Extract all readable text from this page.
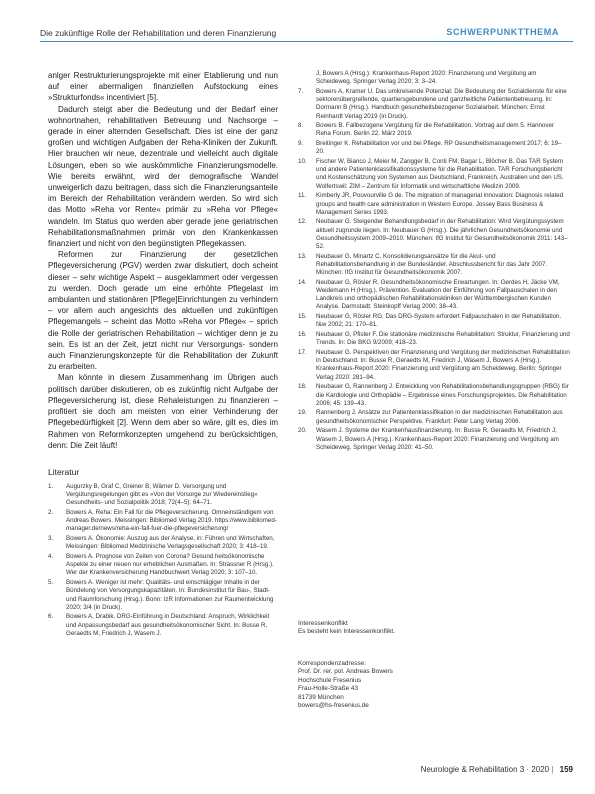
Die zukünftige Rolle der Rehabilitation und deren Finanzierung	SCHWERPUNKTTHEMA

anlger Restrukturierungsprojekte mit einer Etablierung und nun auf einer abermaligen finanziellen Aufstockung eines »Strukturfonds« incentiviert [5].

Dadurch steigt aber die Bedeutung und der Bedarf einer wohnortnahen, rehabilitativen Betreuung und Nachsorge – gerade in einer alternden Gesellschaft. Dies ist eine der ganz großen und wichtigen Aufgaben der Reha-Kliniken der Zukunft. Hier brauchen wir neue, dezentrale und vielleicht auch digitale Lösungen, eben so wie auskömmliche Finanzierungsmodelle. Wie bereits erwähnt, wird der demografische Wandel unweigerlich dazu beitragen, dass sich die Finanzierungsanteile im Bereich der Rehabilitation verändern werden. So wird sich das Motto »Reha vor Rente« primär zu »Reha vor Pflege« wandeln. Im Status quo werden aber gerade jene geriatrischen Rehabilitationsmaßnahmen primär von den Krankenkassen finanziert und nicht von den begünstigten Pflegekassen.

Reformen zur Finanzierung der gesetzlichen Pflegeversicherung (PGV) werden zwar diskutiert, doch scheint dieser – sehr wichtige Aspekt – ausgeklammert oder vergessen zu werden. Doch gerade um eine erhöhte Pflegelast im ambulanten und stationären [Pflege]Einrichtungen zu verhindern – vor allem auch angesichts des aktuellen und zukünftigen Pflegemangels – scheint das Motto »Reha vor Pflege« – sprich die Rolle der geriatrischen Rehabilitation – wichtiger denn je zu sein. Es ist an der Zeit, jetzt nicht nur Versorgungs- sondern auch Finanzierungskonzepte für die Rehabilitation der Zukunft zu erarbeiten.

Man könnte in diesem Zusammenhang im Übrigen auch politisch darüber diskutieren, ob es zukünftig nicht Aufgabe der Pflegeversicherung ist, diese Rehaleistungen zu finanzieren – profitiert sie doch am meisten von einer Verhinderung der Pflegebedürftigkeit [2]. Wenn dem aber so wäre, gilt es, dies im Rahmen von Reformkonzepten umgehend zu berücksichtigen, denn: Die Zeit läuft!

Literatur
1. Augurzky B, Graf C, Greiner B, Wärner D. Versorgung und Vergütungsregelungen gibt es »Von der Vorsorge zur Wiedereinstieg« Gesundheits- und Sozialpolitik 2018; 72(4–5): 64–71.
2. Bowers A. Reha: Ein Fall für die Pflegeversicherung. Omneinständigem von Andreas Bowers. Meissingen: Bibliomed Verlag 2019. https://www.bibliomed-manager.de/news/reha-ein-fall-fuer-die-pflegeversicherung/
3. Bowers A. Ökonomie: Auszug aus der Analyse, in: Führen und Wirtschaften, Meissingen: Bibliomed Medizinische Verlagsgesellschaft 2020; 3: 418–19.
4. Bowers A. Prognose von Zeiten von Corona? Gesund heitsökonomische Aspekte zu einer neuen nur erheblichen Ausmaßen. In: Strassner R (Hrsg.). Wer der Krankenversicherung Handbuchwert Verlag 2020; 3: 107–10.
5. Bowers A. Weniger ist mehr: Qualitäts- und einschlägiger Inhalte in der Bündelung von Versorgungskapazitäten. In: Bundesinstitut für Bau-, Stadt- und Raumforschung (Hrsg.). Bonn: IzR Informationen zur Raumentwicklung 2020; 3/4 (in Druck).
6. Bowers A, Drabik. DRG-Einführung in Deutschland: Anspruch, Wirklichkeit und Anpassungsbedarf aus gesundheitsökonomischer Sicht. In: Busse R, Geraedts M, Friedrich J, Wasem J.
J, Bowers A (Hrsg.): Krankenhaus-Report 2020: Finanzierung und Vergütung am Scheideweg. Springer Verlag 2020; 3: 3–24.
7. Bowers A, Kramer U. Das umkreisende Potenzial: Die Bedeutung der Sozialdienste für eine sektorenübergreifende, quartiersgebundene und ganzheitliche Patientenbetreuung. In: Dormann B (Hrsg.). Handbuch gesundheitsbezogener Sozialarbeit. München: Ernst Reinhardt Verlag 2019 (in Druck).
8. Bowers B. Fallbezogene Vergütung für die Rehabilitation. Vortrag auf dem 5. Hannover Reha Forum. Berlin 22. März 2019.
9. Breitinger K. Rehabilitation vor und bei Pflege. RP Gesundheitsmanagement 2017; 6: 19–20.
10. Fischer W, Bianco J, Meier M, Zangger B, Conti FM, Bagar L, Blöcher B. Das TAR System und andere Patientenklassifikationssysteme für die Rehabilitation. TAR Forschungsbericht und Kostenschätzung von Systemen aus Deutschland, Frankreich, Australien und den US. Wolfertswil: ZIM – Zentrum für Informatik und wirtschaftliche Medizin 2009.
11. Kimberly JR, Pouvourville G de. The migration of managerial innovation: Diagnosis related groups and health care administration in Western Europe. Jossey Bass Business & Management Series 1993.
12. Neubauer G. Steigender Behandlungsbedarf in der Rehabilitation: Wird Vergütungssystem aktuell zugrunde liegen. In: Neubauer G (Hrsg.). Die jährlichen Gesundheitsökonomie und Gesundheitssystem 2009–2010. München: IfG Institut für Gesundheitsökonomik 2011: 143–52.
13. Neubauer G, Minartz C. Konsolidierungsansätze für die Akut- und Rehabilitationsbehandlung in der Bundesländer. Abschlussbericht für das Jahr 2007. München: IfG Institut für Gesundheitsökonomik 2007.
14. Neubauer G, Rösler R. Gesundheitsökonomische Erwartungen. In: Gerdes H, Jäcke VM, Weidemann H (Hrsg.). Prävention. Evaluation der Einführung von Fallpauschalen in den Landkreis und orthopädischen Rehabilitationskliniken der Württembergischen Kunden Analyse. Darmstadt: Steinkopff Verlag 2000; 38–43.
15. Neubauer G, Rösler RG. Das DRG-System erfordert Fallpauschalen in der Rehabilitation. f&w 2002; 21: 170–81.
16. Neubauer G, Pfister F. Die stationäre medizinische Rehabilitation: Struktur, Finanzierung und Trends. In: Die BKG 9/2009; 418–23.
17. Neubauer G. Perspektiven der Finanzierung und Vergütung der medizinischen Rehabilitation in Deutschland. In: Busse R, Geraedts M, Friedrich J, Wasem J, Bowers A (Hrsg.). Krankenhaus-Report 2020: Finanzierung und Vergütung am Scheideweg. Berlin: Springer Verlag 2020: 281–94.
18. Neubauer G, Rannenberg J. Entwicklung von Rehabilitationsbehandlungsgruppen (RBG) für die Kardiologie und Orthopädie – Ergebnisse eines Forschungsprojektes. Die Rehabilitation 2006; 45: 139–43.
19. Rannenberg J. Ansätze zur Patientenklassifikation in der medizinischen Rehabilitation aus gesundheitsökonomischer Perspektive. Frankfurt: Peter Lang Verlag 2006.
20. Wasem J. Systeme der Krankenhausfinanzierung. In: Busse R, Geraedts M, Friedrich J, Wasem J, Bowers A (Hrsg.). Krankenhaus-Report 2020: Finanzierung und Vergütung am Scheideweg. Springer Verlag 2020: 41–50.
Interessenkonflikt
Es besteht kein Interessenkonflikt.
Korrespondenzadresse:
Prof. Dr. rer. pol. Andreas Bowers
Hochschule Fresenius
Frau-Holle-Straße 43
81739 München
bowers@hs-fresenius.de
Neurologie & Rehabilitation 3 · 2020 | 159
